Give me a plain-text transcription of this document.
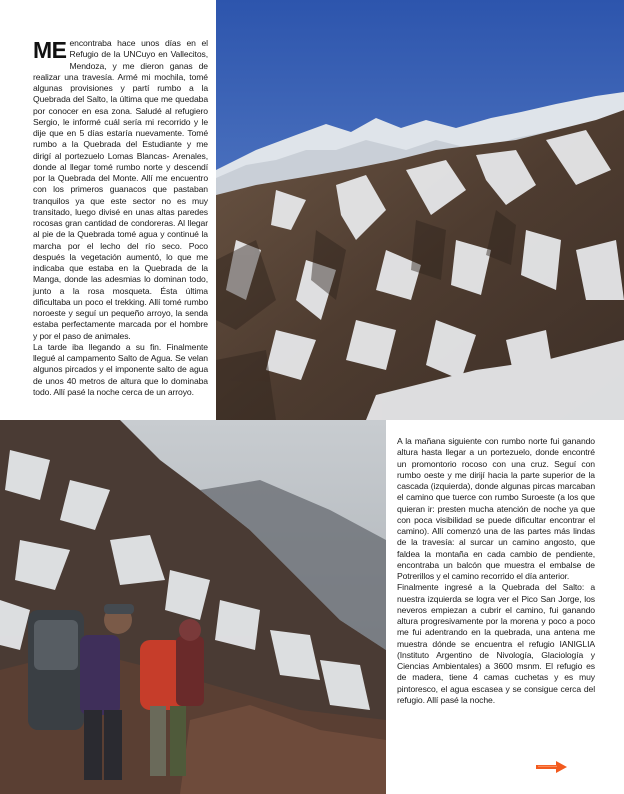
ME encontraba hace unos días en el Refugio de la UNCuyo en Vallecitos, Mendoza, y me dieron ganas de realizar una travesía. Armé mi mochila, tomé algunas provisiones y partí rumbo a la Quebrada del Salto, la última que me quedaba por conocer en esa zona. Saludé al refugiero Sergio, le informé cuál sería mi recorrido y le dije que en 5 días estaría nuevamente. Tomé rumbo a la Quebrada del Estudiante y me dirigí al portezuelo Lomas Blancas- Arenales, donde al llegar tomé rumbo norte y descendí por la Quebrada del Monte. Allí me encuentro con los primeros guanacos que pastaban tranquilos ya que este sector no es muy transitado, luego divisé en unas altas paredes rocosas gran cantidad de condoreras. Al llegar al pie de la Quebrada tomé agua y continué la marcha por el lecho del río seco. Poco después la vegetación aumentó, lo que me indicaba que estaba en la Quebrada de la Manga, donde las adesmias lo dominan todo, junto a la rosa mosqueta. Ésta última dificultaba un poco el trekking. Allí tomé rumbo noroeste y seguí un pequeño arroyo, la senda estaba perfectamente marcada por el hombre y por el paso de animales.

La tarde iba llegando a su fin. Finalmente llegué al campamento Salto de Agua. Se velan algunos pircados y el imponente salto de agua de unos 40 metros de altura que lo dominaba todo. Allí pasé la noche cerca de un arroyo.

A la mañana siguiente con rumbo norte fui ganando altura hasta llegar a un portezuelo, donde encontré un promontorio rocoso con una cruz. Seguí con rumbo oeste y me dirijí hacia la parte superior de la cascada (izquierda), donde algunas pircas marcaban el camino que tuerce con rumbo Suroeste (a los que quieran ir: presten mucha atención de noche ya que con poca visibilidad se puede dificultar encontrar el camino). Allí comenzó una de las partes más lindas de la travesía: al surcar un camino angosto, que faldea la montaña en cada cambio de pendiente, encontraba un balcón que muestra el embalse de Potrerillos y el camino recorrido el día anterior.

Finalmente ingresé a la Quebrada del Salto: a nuestra izquierda se logra ver el Pico San Jorge, los neveros empiezan a cubrir el camino, fui ganando altura progresivamente por la morena y poco a poco me fui adentrando en la quebrada, una antena me muestra dónde se encuentra el refugio IANIGLIA (Instituto Argentino de Nivología, Glaciología y Ciencias Ambientales) a 3600 msnm. El refugio es de madera, tiene 4 camas cuchetas y es muy pintoresco, el agua escasea y se consigue cerca del refugio. Allí pasé la noche.
